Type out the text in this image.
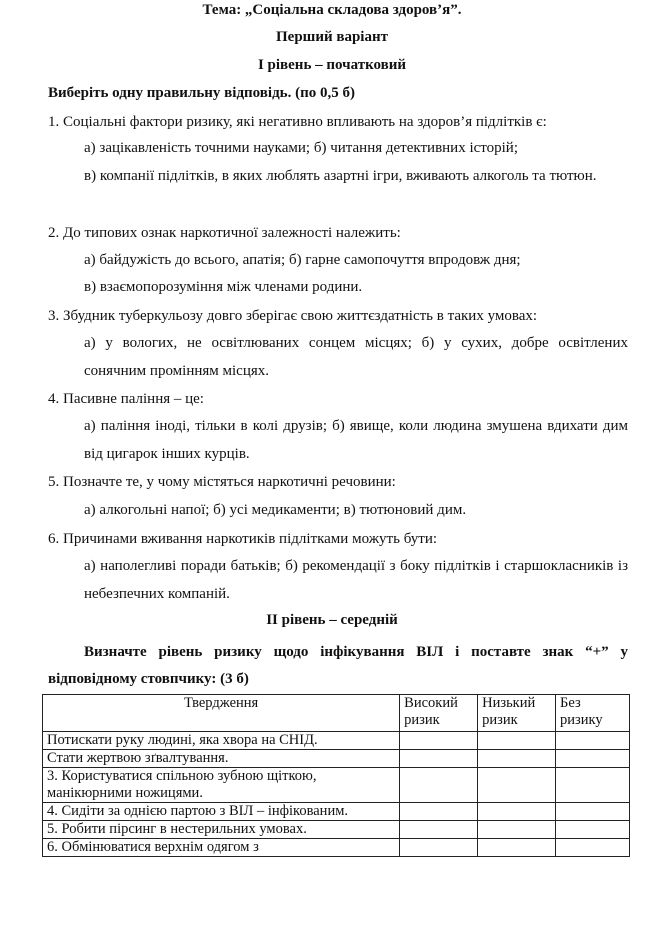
Тема: „Соціальна складова здоров’я”.
Перший варіант
І рівень – початковий
Виберіть одну правильну відповідь. (по 0,5 б)
1. Соціальні фактори ризику, які негативно впливають на здоров’я підлітків є:
а) зацікавленість точними науками; б) читання детективних історій;
в) компанії підлітків, в яких люблять азартні ігри, вживають алкоголь та тютюн.
2. До типових ознак наркотичної залежності належить:
а) байдужість до всього, апатія; б) гарне самопочуття впродовж дня;
в) взаємопорозуміння між членами родини.
3. Збудник туберкульозу довго зберігає свою життєздатність в таких умовах:
а) у вологих, не освітлюваних сонцем місцях; б) у сухих, добре освітлених сонячним промінням місцях.
4. Пасивне паління – це:
а) паління іноді, тільки в колі друзів; б) явище, коли людина змушена вдихати дим від цигарок інших курців.
5. Позначте те, у чому містяться наркотичні речовини:
а) алкогольні напої; б) усі медикаменти; в) тютюновий дим.
6. Причинами вживання наркотиків підлітками можуть бути:
а) наполегливі поради батьків; б) рекомендації з боку підлітків і старшокласників із небезпечних компаній.
ІІ рівень – середній
Визначте рівень ризику щодо інфікування ВІЛ і поставте знак “+” у відповідному стовпчику: (3 б)
Твердження	Високий ризик	Низький ризик	Без ризику
Потискати руку людині, яка хвора на СНІД.			
Стати жертвою зґвалтування.			
3. Користуватися спільною зубною щіткою, манікюрними ножицями.			
4. Сидіти за однією партою з ВІЛ – інфікованим.			
5. Робити пірсинг в нестерильних умовах.			
6. Обмінюватися верхнім одягом з			
